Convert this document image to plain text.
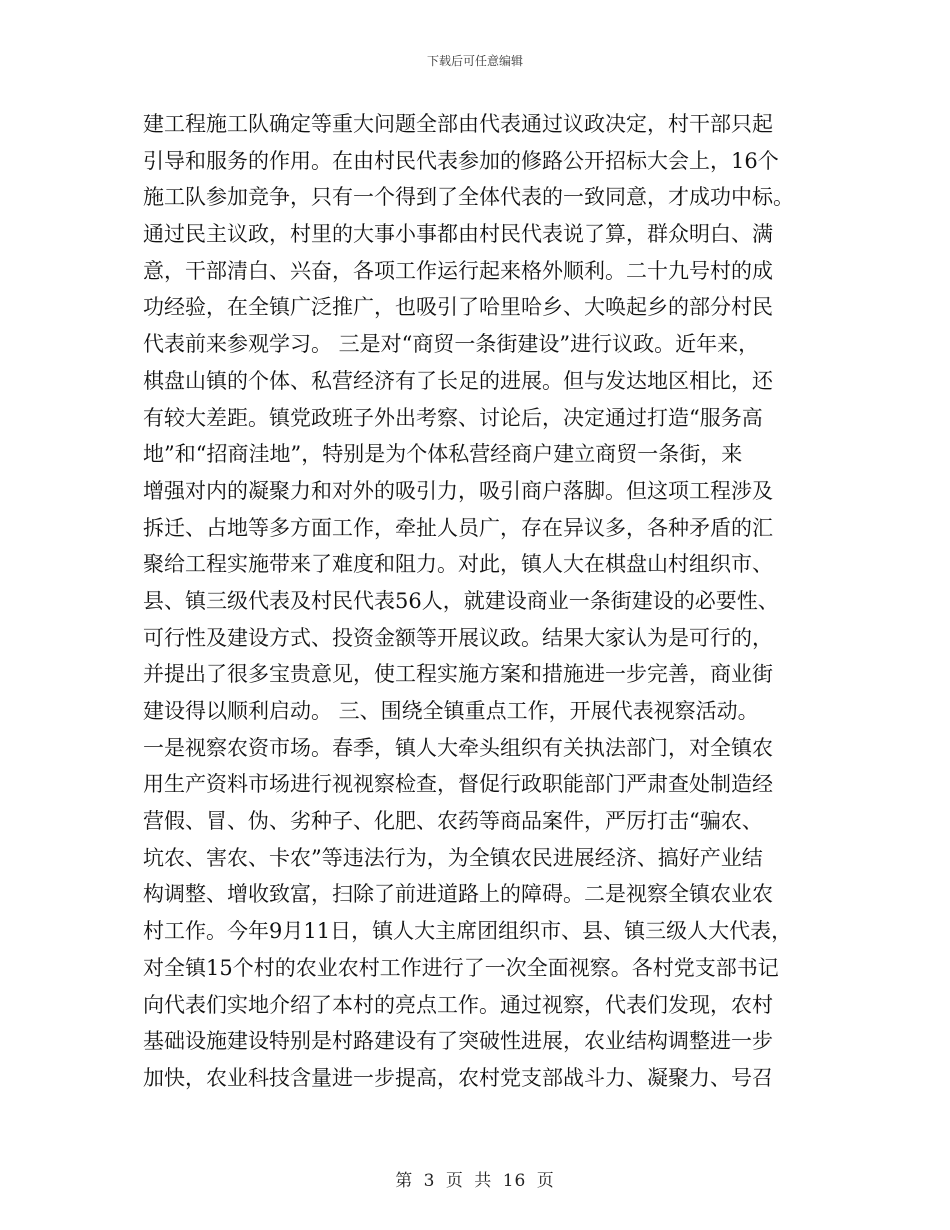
下载后可任意编辑
建工程施工队确定等重大问题全部由代表通过议政决定，村干部只起
引导和服务的作用。在由村民代表参加的修路公开招标大会上，16个
施工队参加竞争，只有一个得到了全体代表的一致同意，才成功中标。
通过民主议政，村里的大事小事都由村民代表说了算，群众明白、满
意，干部清白、兴奋，各项工作运行起来格外顺利。二十九号村的成
功经验，在全镇广泛推广，也吸引了哈里哈乡、大唤起乡的部分村民
代表前来参观学习。 三是对“商贸一条街建设”进行议政。近年来，
棋盘山镇的个体、私营经济有了长足的进展。但与发达地区相比，还
有较大差距。镇党政班子外出考察、讨论后，决定通过打造“服务高
地”和“招商洼地”，特别是为个体私营经商户建立商贸一条街，来
增强对内的凝聚力和对外的吸引力，吸引商户落脚。但这项工程涉及
拆迁、占地等多方面工作，牵扯人员广，存在异议多，各种矛盾的汇
聚给工程实施带来了难度和阻力。对此，镇人大在棋盘山村组织市、
县、镇三级代表及村民代表56人，就建设商业一条街建设的必要性、
可行性及建设方式、投资金额等开展议政。结果大家认为是可行的，
并提出了很多宝贵意见，使工程实施方案和措施进一步完善，商业街
建设得以顺利启动。 三、围绕全镇重点工作，开展代表视察活动。
一是视察农资市场。春季，镇人大牵头组织有关执法部门，对全镇农
用生产资料市场进行视视察检查，督促行政职能部门严肃查处制造经
营假、冒、伪、劣种子、化肥、农药等商品案件，严厉打击“骗农、
坑农、害农、卡农”等违法行为，为全镇农民进展经济、搞好产业结
构调整、增收致富，扫除了前进道路上的障碍。二是视察全镇农业农
村工作。今年9月11日，镇人大主席团组织市、县、镇三级人大代表，
对全镇15个村的农业农村工作进行了一次全面视察。各村党支部书记
向代表们实地介绍了本村的亮点工作。通过视察，代表们发现，农村
基础设施建设特别是村路建设有了突破性进展，农业结构调整进一步
加快，农业科技含量进一步提高，农村党支部战斗力、凝聚力、号召
第 3 页 共 16 页
